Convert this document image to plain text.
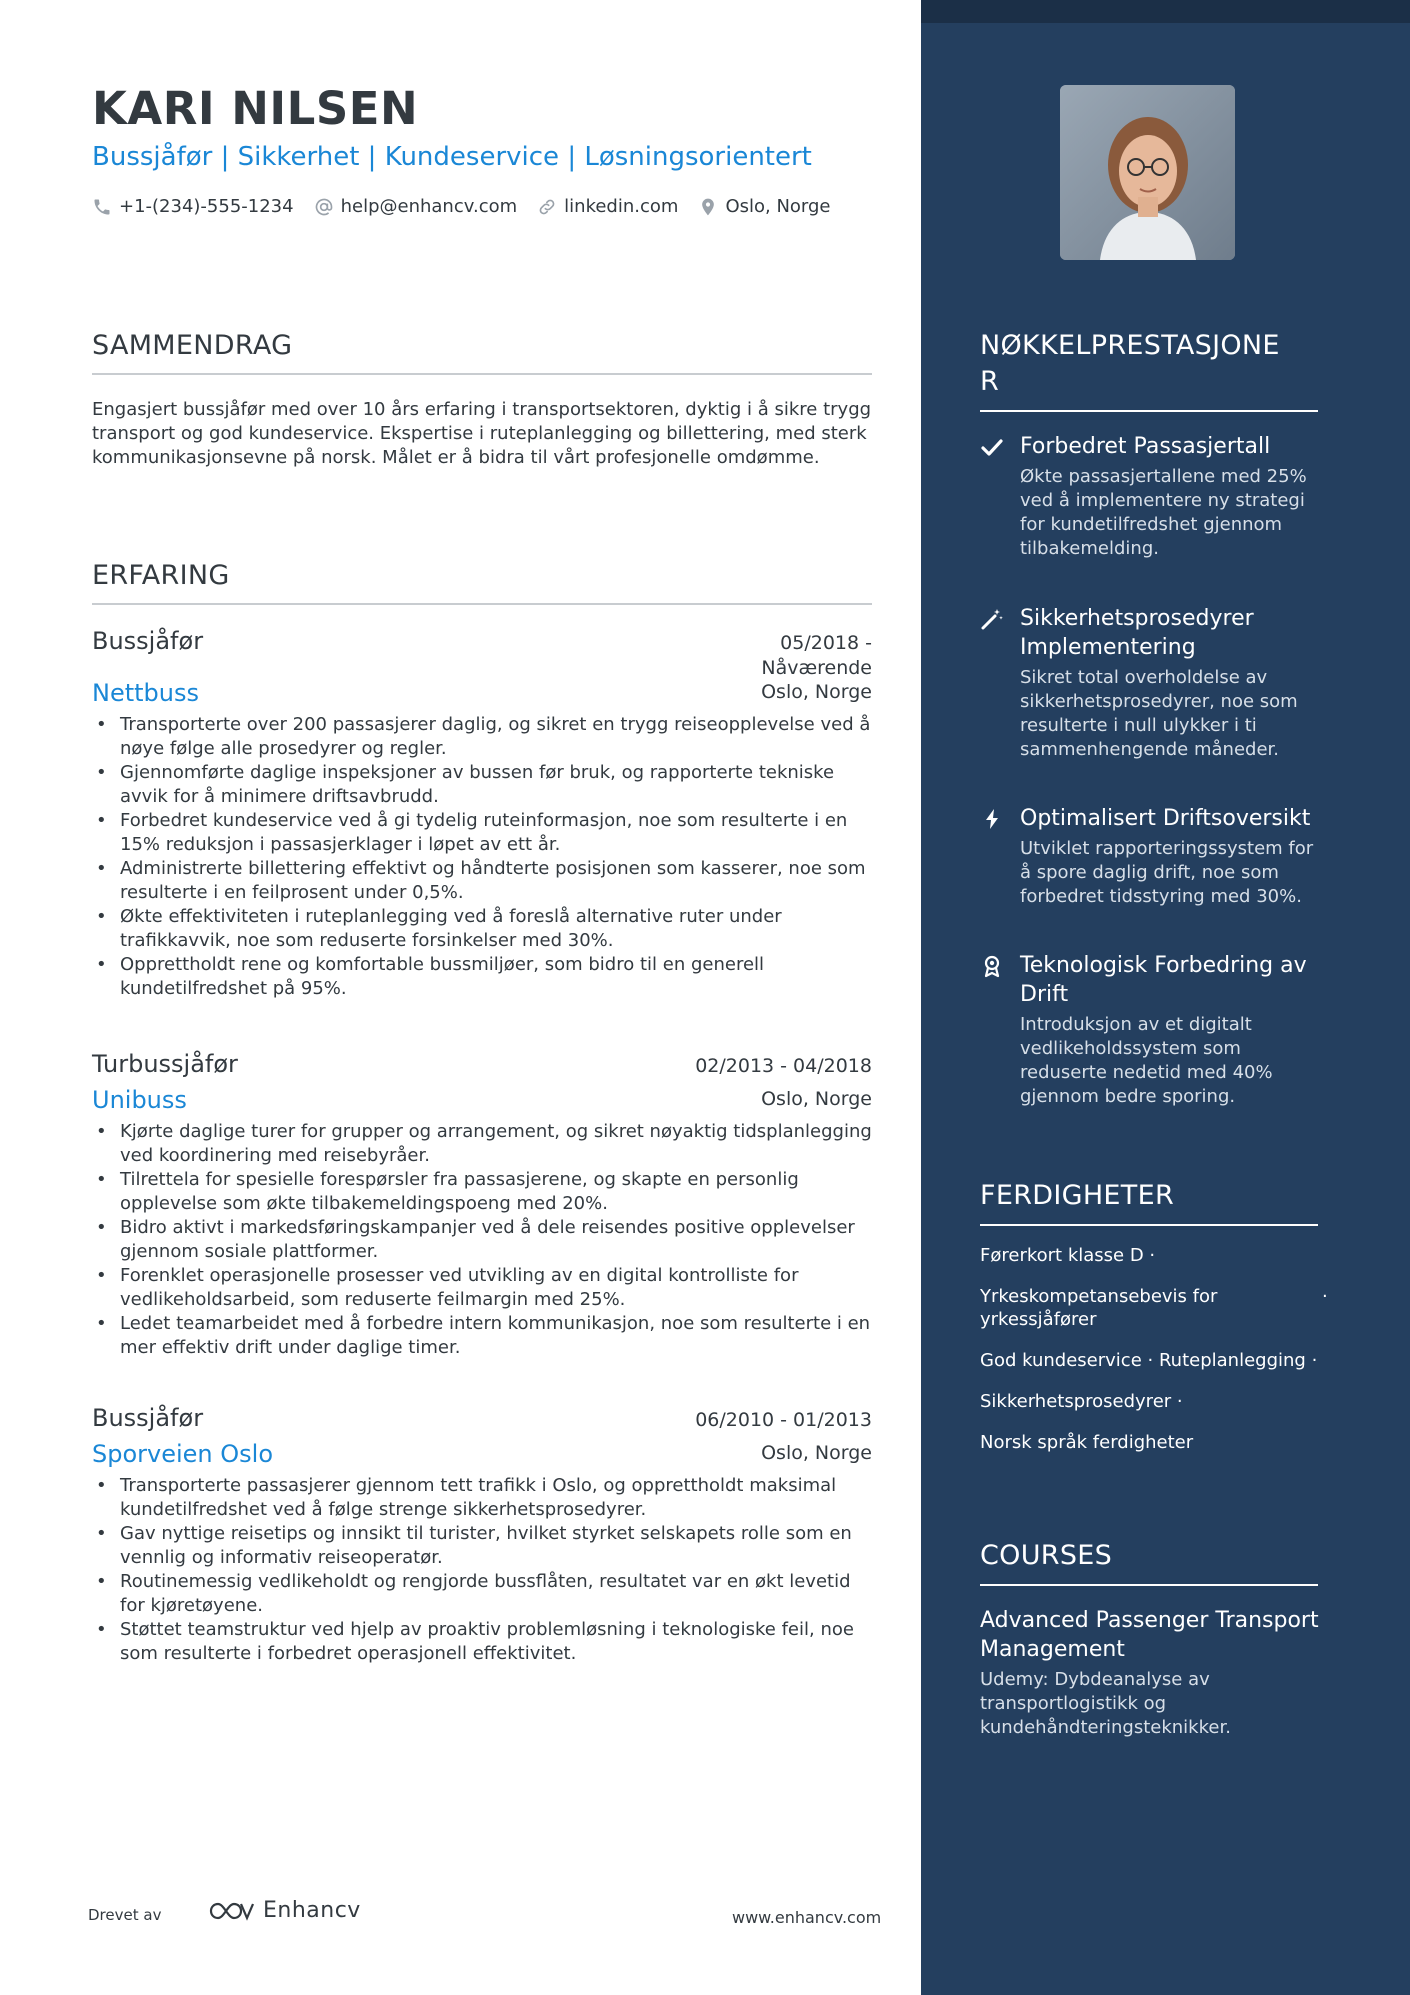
KARI NILSEN
Bussjåfør | Sikkerhet | Kundeservice | Løsningsorientert
+1-(234)-555-1234	help@enhancv.com	linkedin.com	Oslo, Norge
SAMMENDRAG
Engasjert bussjåfør med over 10 års erfaring i transportsektoren, dyktig i å sikre trygg transport og god kundeservice. Ekspertise i ruteplanlegging og billettering, med sterk kommunikasjonsevne på norsk. Målet er å bidra til vårt profesjonelle omdømme.
ERFARING
Bussjåfør	05/2018 -
Nåværende
Nettbuss	Oslo, Norge
• Transporterte over 200 passasjerer daglig, og sikret en trygg reiseopplevelse ved å nøye følge alle prosedyrer og regler.
• Gjennomførte daglige inspeksjoner av bussen før bruk, og rapporterte tekniske avvik for å minimere driftsavbrudd.
• Forbedret kundeservice ved å gi tydelig ruteinformasjon, noe som resulterte i en 15% reduksjon i passasjerklager i løpet av ett år.
• Administrerte billettering effektivt og håndterte posisjonen som kasserer, noe som resulterte i en feilprosent under 0,5%.
• Økte effektiviteten i ruteplanlegging ved å foreslå alternative ruter under trafikkavvik, noe som reduserte forsinkelser med 30%.
• Opprettholdt rene og komfortable bussmiljøer, som bidro til en generell kundetilfredshet på 95%.
Turbussjåfør	02/2013 - 04/2018
Unibuss	Oslo, Norge
• Kjørte daglige turer for grupper og arrangement, og sikret nøyaktig tidsplanlegging ved koordinering med reisebyråer.
• Tilrettela for spesielle forespørsler fra passasjerene, og skapte en personlig opplevelse som økte tilbakemeldingspoeng med 20%.
• Bidro aktivt i markedsføringskampanjer ved å dele reisendes positive opplevelser gjennom sosiale plattformer.
• Forenklet operasjonelle prosesser ved utvikling av en digital kontrolliste for vedlikeholdsarbeid, som reduserte feilmargin med 25%.
• Ledet teamarbeidet med å forbedre intern kommunikasjon, noe som resulterte i en mer effektiv drift under daglige timer.
Bussjåfør	06/2010 - 01/2013
Sporveien Oslo	Oslo, Norge
• Transporterte passasjerer gjennom tett trafikk i Oslo, og opprettholdt maksimal kundetilfredshet ved å følge strenge sikkerhetsprosedyrer.
• Gav nyttige reisetips og innsikt til turister, hvilket styrket selskapets rolle som en vennlig og informativ reiseoperatør.
• Routinemessig vedlikeholdt og rengjorde bussflåten, resultatet var en økt levetid for kjøretøyene.
• Støttet teamstruktur ved hjelp av proaktiv problemløsning i teknologiske feil, noe som resulterte i forbedret operasjonell effektivitet.
Drevet av	Enhancv	www.enhancv.com
NØKKELPRESTASJONE
R
Forbedret Passasjertall
Økte passasjertallene med 25% ved å implementere ny strategi for kundetilfredshet gjennom tilbakemelding.
Sikkerhetsprosedyrer Implementering
Sikret total overholdelse av sikkerhetsprosedyrer, noe som resulterte i null ulykker i ti sammenhengende måneder.
Optimalisert Driftsoversikt
Utviklet rapporteringssystem for å spore daglig drift, noe som forbedret tidsstyring med 30%.
Teknologisk Forbedring av Drift
Introduksjon av et digitalt vedlikeholdssystem som reduserte nedetid med 40% gjennom bedre sporing.
FERDIGHETER
Førerkort klasse D ·
Yrkeskompetansebevis for yrkessjåfører
·
God kundeservice · Ruteplanlegging ·
Sikkerhetsprosedyrer ·
Norsk språk ferdigheter
COURSES
Advanced Passenger Transport Management
Udemy: Dybdeanalyse av transportlogistikk og kundehåndteringsteknikker.
